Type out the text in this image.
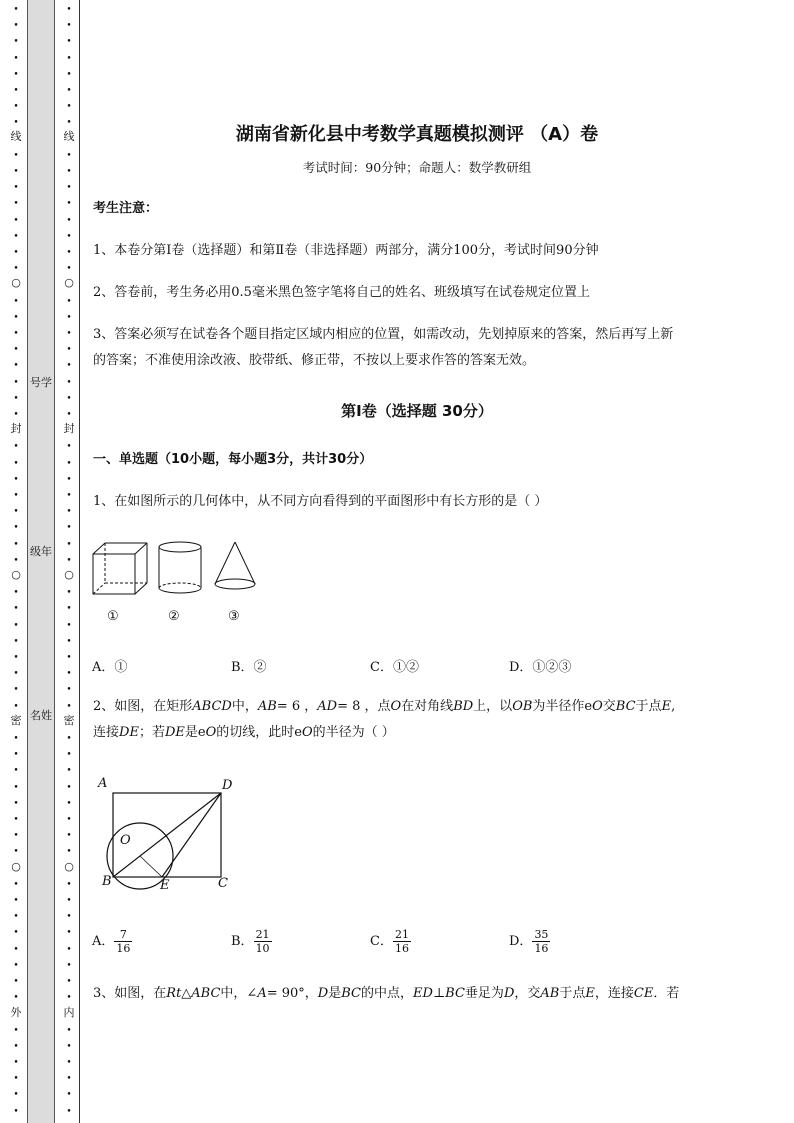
•
•
•
•
•
•
•
•
线
•
•
•
•
•
•
•
•
○
•
•
•
•
•
•
•
•
封
•
•
•
•
•
•
•
•
○
•
•
•
•
•
•
•
•
密
•
•
•
•
•
•
•
•
○
•
•
•
•
•
•
•
•
外
•
•
•
•
•
•
号学
级年
名姓
•
•
•
•
•
•
•
•
线
•
•
•
•
•
•
•
•
○
•
•
•
•
•
•
•
•
封
•
•
•
•
•
•
•
•
○
•
•
•
•
•
•
•
•
密
•
•
•
•
•
•
•
•
○
•
•
•
•
•
•
•
•
内
•
•
•
•
•
•
湖南省新化县中考数学真题模拟测评 （A）卷
考试时间：90分钟；命题人：数学教研组
考生注意：
1、本卷分第I卷（选择题）和第Ⅱ卷（非选择题）两部分，满分100分，考试时间90分钟
2、答卷前，考生务必用0.5毫米黑色签字笔将自己的姓名、班级填写在试卷规定位置上
3、答案必须写在试卷各个题目指定区域内相应的位置，如需改动，先划掉原来的答案，然后再写上新
的答案；不准使用涂改液、胶带纸、修正带，不按以上要求作答的答案无效。
第I卷（选择题 30分）
一、单选题（10小题，每小题3分，共计30分）
1、在如图所示的几何体中，从不同方向看得到的平面图形中有长方形的是（ ）
①	②	③
A．①	B．②	C．①②	D．①②③
2、如图，在矩形ABCD中，AB= 6 ，AD= 8 ，点O在对角线BD上，以OB为半径作eO交BC于点E,
连接DE；若DE是eO的切线，此时eO的半径为（ ）
A	D
O
B	E	C
A． $\frac{7}{16}$	B． $\frac{21}{10}$	C． $\frac{21}{16}$	D． $\frac{35}{16}$
3、如图，在Rt△ABC中，∠A= 90°，D是BC的中点，ED⊥BC垂足为D，交AB于点E，连接CE．若
